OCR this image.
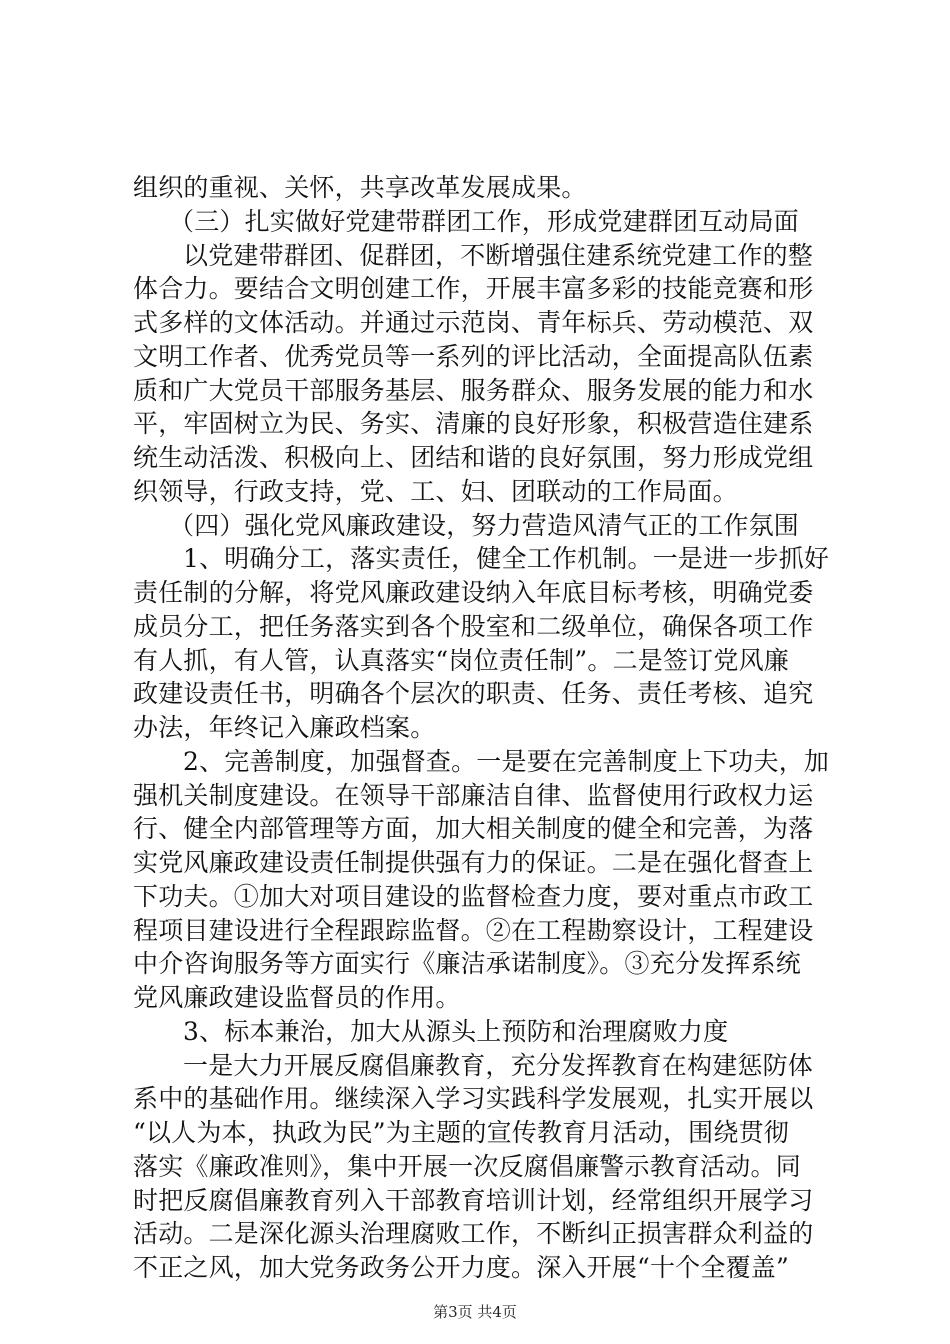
组织的重视、关怀，共享改革发展成果。
（三）扎实做好党建带群团工作，形成党建群团互动局面
以党建带群团、促群团，不断增强住建系统党建工作的整
体合力。要结合文明创建工作，开展丰富多彩的技能竞赛和形
式多样的文体活动。并通过示范岗、青年标兵、劳动模范、双
文明工作者、优秀党员等一系列的评比活动，全面提高队伍素
质和广大党员干部服务基层、服务群众、服务发展的能力和水
平，牢固树立为民、务实、清廉的良好形象，积极营造住建系
统生动活泼、积极向上、团结和谐的良好氛围，努力形成党组
织领导，行政支持，党、工、妇、团联动的工作局面。
（四）强化党风廉政建设，努力营造风清气正的工作氛围
1、明确分工，落实责任，健全工作机制。一是进一步抓好
责任制的分解，将党风廉政建设纳入年底目标考核，明确党委
成员分工，把任务落实到各个股室和二级单位，确保各项工作
有人抓，有人管，认真落实“岗位责任制”。二是签订党风廉
政建设责任书，明确各个层次的职责、任务、责任考核、追究
办法，年终记入廉政档案。
2、完善制度，加强督查。一是要在完善制度上下功夫，加
强机关制度建设。在领导干部廉洁自律、监督使用行政权力运
行、健全内部管理等方面，加大相关制度的健全和完善，为落
实党风廉政建设责任制提供强有力的保证。二是在强化督查上
下功夫。①加大对项目建设的监督检查力度，要对重点市政工
程项目建设进行全程跟踪监督。②在工程勘察设计，工程建设
中介咨询服务等方面实行《廉洁承诺制度》。③充分发挥系统
党风廉政建设监督员的作用。
3、标本兼治，加大从源头上预防和治理腐败力度
一是大力开展反腐倡廉教育，充分发挥教育在构建惩防体
系中的基础作用。继续深入学习实践科学发展观，扎实开展以
“以人为本，执政为民”为主题的宣传教育月活动，围绕贯彻
落实《廉政准则》，集中开展一次反腐倡廉警示教育活动。同
时把反腐倡廉教育列入干部教育培训计划，经常组织开展学习
活动。二是深化源头治理腐败工作，不断纠正损害群众利益的
不正之风，加大党务政务公开力度。深入开展“十个全覆盖”
第3页 共4页
